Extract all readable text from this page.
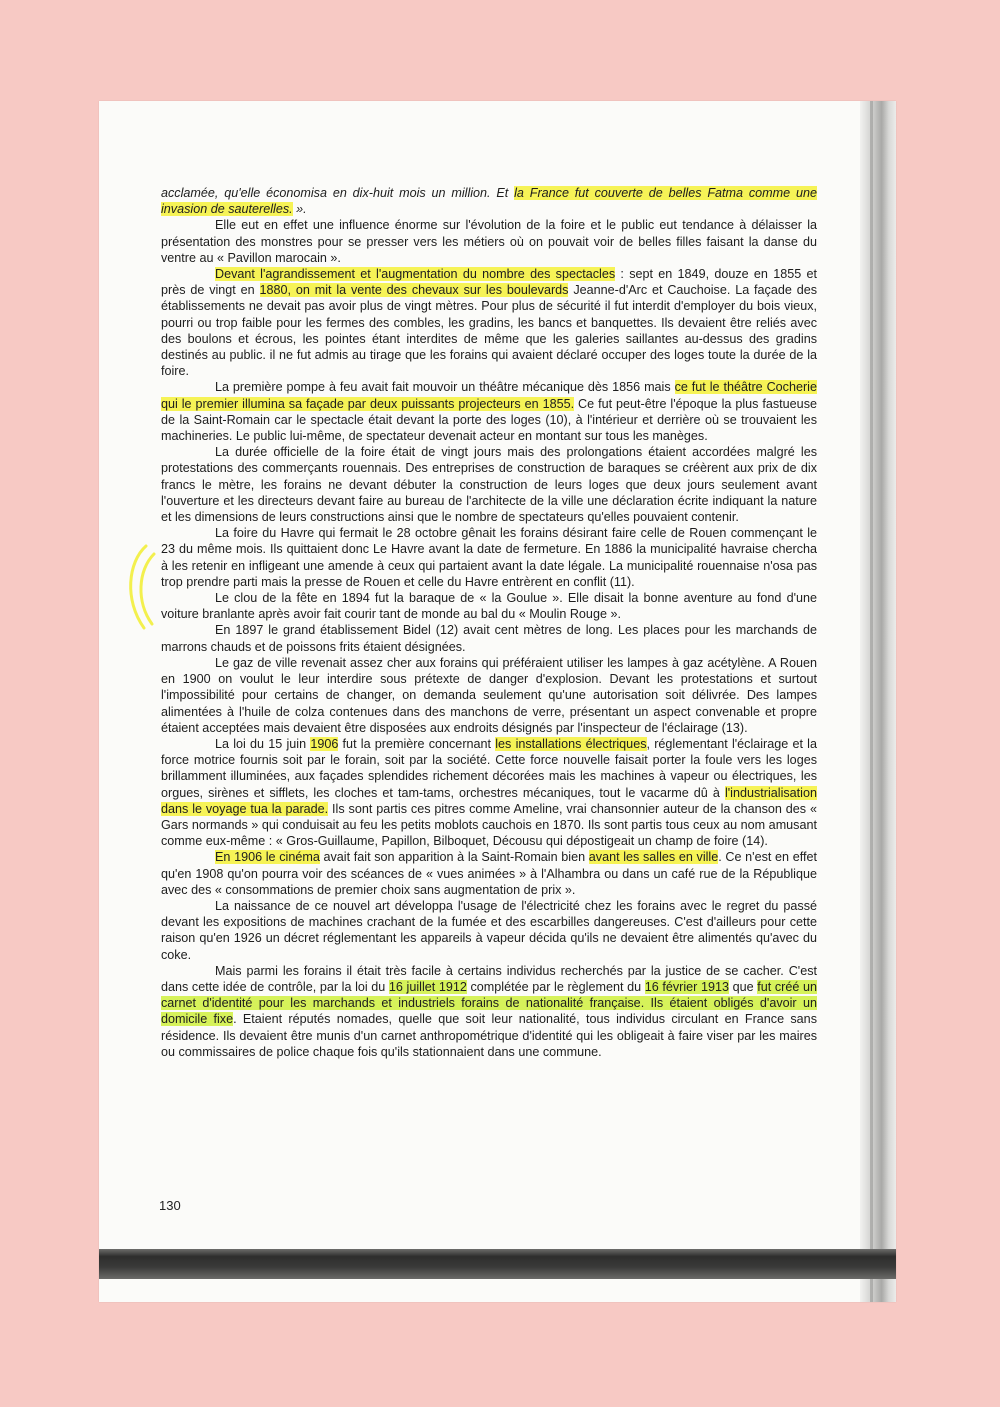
acclamée, qu'elle économisa en dix-huit mois un million. Et la France fut couverte de belles Fatma comme une invasion de sauterelles. ».

Elle eut en effet une influence énorme sur l'évolution de la foire et le public eut tendance à délaisser la présentation des monstres pour se presser vers les métiers où on pouvait voir de belles filles faisant la danse du ventre au « Pavillon marocain ».

Devant l'agrandissement et l'augmentation du nombre des spectacles : sept en 1849, douze en 1855 et près de vingt en 1880, on mit la vente des chevaux sur les boulevards Jeanne-d'Arc et Cauchoise. La façade des établissements ne devait pas avoir plus de vingt mètres. Pour plus de sécurité il fut interdit d'employer du bois vieux, pourri ou trop faible pour les fermes des combles, les gradins, les bancs et banquettes. Ils devaient être reliés avec des boulons et écrous, les pointes étant interdites de même que les galeries saillantes au-dessus des gradins destinés au public. il ne fut admis au tirage que les forains qui avaient déclaré occuper des loges toute la durée de la foire.

La première pompe à feu avait fait mouvoir un théâtre mécanique dès 1856 mais ce fut le théâtre Cocherie qui le premier illumina sa façade par deux puissants projecteurs en 1855. Ce fut peut-être l'époque la plus fastueuse de la Saint-Romain car le spectacle était devant la porte des loges (10), à l'intérieur et derrière où se trouvaient les machineries. Le public lui-même, de spectateur devenait acteur en montant sur tous les manèges.

La durée officielle de la foire était de vingt jours mais des prolongations étaient accordées malgré les protestations des commerçants rouennais. Des entreprises de construction de baraques se créèrent aux prix de dix francs le mètre, les forains ne devant débuter la construction de leurs loges que deux jours seulement avant l'ouverture et les directeurs devant faire au bureau de l'architecte de la ville une déclaration écrite indiquant la nature et les dimensions de leurs constructions ainsi que le nombre de spectateurs qu'elles pouvaient contenir.

La foire du Havre qui fermait le 28 octobre gênait les forains désirant faire celle de Rouen commençant le 23 du même mois. Ils quittaient donc Le Havre avant la date de fermeture. En 1886 la municipalité havraise chercha à les retenir en infligeant une amende à ceux qui partaient avant la date légale. La municipalité rouennaise n'osa pas trop prendre parti mais la presse de Rouen et celle du Havre entrèrent en conflit (11).

Le clou de la fête en 1894 fut la baraque de « la Goulue ». Elle disait la bonne aventure au fond d'une voiture branlante après avoir fait courir tant de monde au bal du « Moulin Rouge ».

En 1897 le grand établissement Bidel (12) avait cent mètres de long. Les places pour les marchands de marrons chauds et de poissons frits étaient désignées.

Le gaz de ville revenait assez cher aux forains qui préféraient utiliser les lampes à gaz acétylène. A Rouen en 1900 on voulut le leur interdire sous prétexte de danger d'explosion. Devant les protestations et surtout l'impossibilité pour certains de changer, on demanda seulement qu'une autorisation soit délivrée. Des lampes alimentées à l'huile de colza contenues dans des manchons de verre, présentant un aspect convenable et propre étaient acceptées mais devaient être disposées aux endroits désignés par l'inspecteur de l'éclairage (13).

La loi du 15 juin 1906 fut la première concernant les installations électriques, réglementant l'éclairage et la force motrice fournis soit par le forain, soit par la société. Cette force nouvelle faisait porter la foule vers les loges brillamment illuminées, aux façades splendides richement décorées mais les machines à vapeur ou électriques, les orgues, sirènes et sifflets, les cloches et tam-tams, orchestres mécaniques, tout le vacarme dû à l'industrialisation dans le voyage tua la parade. Ils sont partis ces pitres comme Ameline, vrai chansonnier auteur de la chanson des « Gars normands » qui conduisait au feu les petits moblots cauchois en 1870. Ils sont partis tous ceux au nom amusant comme eux-même : « Gros-Guillaume, Papillon, Bilboquet, Décousu qui dépostigeait un champ de foire (14).

En 1906 le cinéma avait fait son apparition à la Saint-Romain bien avant les salles en ville. Ce n'est en effet qu'en 1908 qu'on pourra voir des scéances de « vues animées » à l'Alhambra ou dans un café rue de la République avec des « consommations de premier choix sans augmentation de prix ».

La naissance de ce nouvel art développa l'usage de l'électricité chez les forains avec le regret du passé devant les expositions de machines crachant de la fumée et des escarbilles dangereuses. C'est d'ailleurs pour cette raison qu'en 1926 un décret réglementant les appareils à vapeur décida qu'ils ne devaient être alimentés qu'avec du coke.

Mais parmi les forains il était très facile à certains individus recherchés par la justice de se cacher. C'est dans cette idée de contrôle, par la loi du 16 juillet 1912 complétée par le règlement du 16 février 1913 que fut créé un carnet d'identité pour les marchands et industriels forains de nationalité française. Ils étaient obligés d'avoir un domicile fixe. Etaient réputés nomades, quelle que soit leur nationalité, tous individus circulant en France sans résidence. Ils devaient être munis d'un carnet anthropométrique d'identité qui les obligeait à faire viser par les maires ou commissaires de police chaque fois qu'ils stationnaient dans une commune.

130
